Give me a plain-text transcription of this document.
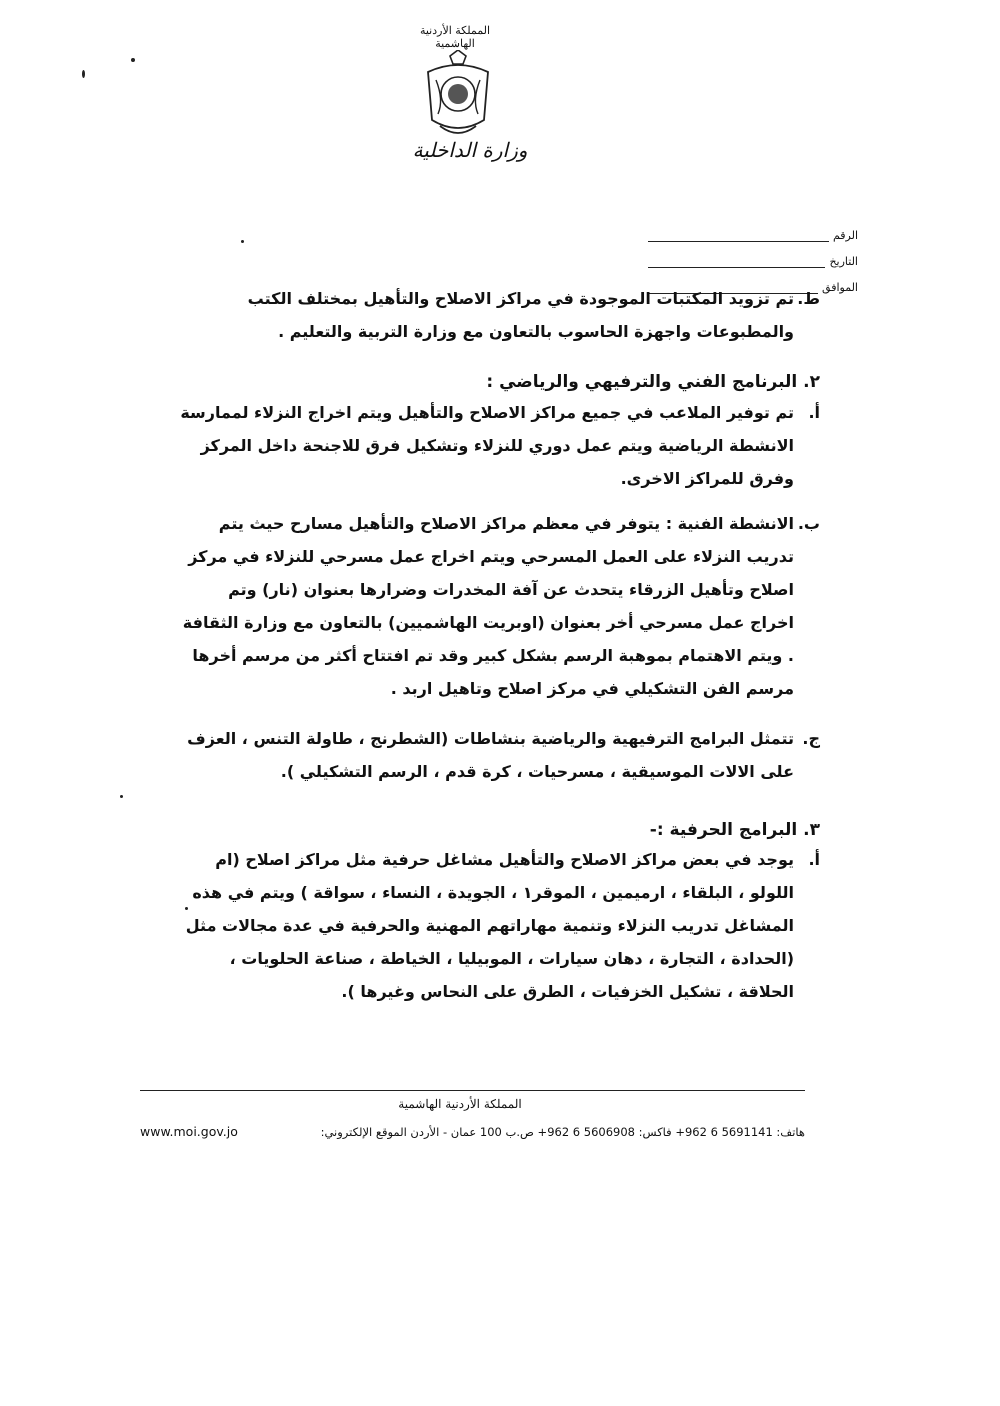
المملكة الأردنية الهاشمية
وزارة الداخلية
الرقم
التاريخ
الموافق
ط.
تم تزويد المكتبات الموجودة في مراكز الاصلاح والتأهيل بمختلف الكتب والمطبوعات واجهزة الحاسوب بالتعاون مع وزارة التربية والتعليم .
٢. البرنامج الفني والترفيهي والرياضي :
أ.
تم توفير الملاعب في جميع مراكز الاصلاح والتأهيل ويتم اخراج النزلاء لممارسة الانشطة الرياضية ويتم عمل دوري للنزلاء وتشكيل فرق للاجنحة داخل المركز وفرق للمراكز الاخرى.
ب.
الانشطة الفنية : يتوفر في معظم مراكز الاصلاح والتأهيل مسارح حيث يتم تدريب النزلاء على العمل المسرحي ويتم اخراج عمل مسرحي للنزلاء في مركز اصلاح وتأهيل الزرقاء يتحدث عن آفة المخدرات وضرارها بعنوان (نار) وتم اخراج عمل مسرحي أخر بعنوان (اوبريت الهاشميين) بالتعاون مع وزارة الثقافة . ويتم الاهتمام بموهبة الرسم بشكل كبير وقد تم افتتاح أكثر من مرسم أخرها مرسم الفن التشكيلي في مركز اصلاح وتاهيل اربد .
ج.
تتمثل البرامج الترفيهية والرياضية بنشاطات (الشطرنج ، طاولة التنس ، العزف على الالات الموسيقية ، مسرحيات ، كرة قدم ، الرسم التشكيلي ).
٣. البرامج الحرفية :-
أ.
يوجد في بعض مراكز الاصلاح والتأهيل مشاغل حرفية مثل مراكز اصلاح (ام اللولو ، البلقاء ، ارميمين ، الموقر١ ، الجويدة ، النساء ، سواقة ) ويتم في هذه المشاغل تدريب النزلاء وتنمية مهاراتهم المهنية والحرفية في عدة مجالات مثل (الحدادة ، التجارة ، دهان سيارات ، الموبيليا ، الخياطة ، صناعة الحلويات ، الحلاقة ، تشكيل الخزفيات ، الطرق على النحاس وغيرها ).
المملكة الأردنية الهاشمية
www.moi.gov.jo	هاتف: 5691141 6 962+ فاكس: 5606908 6 962+ ص.ب 100 عمان - الأردن الموقع الإلكتروني:
